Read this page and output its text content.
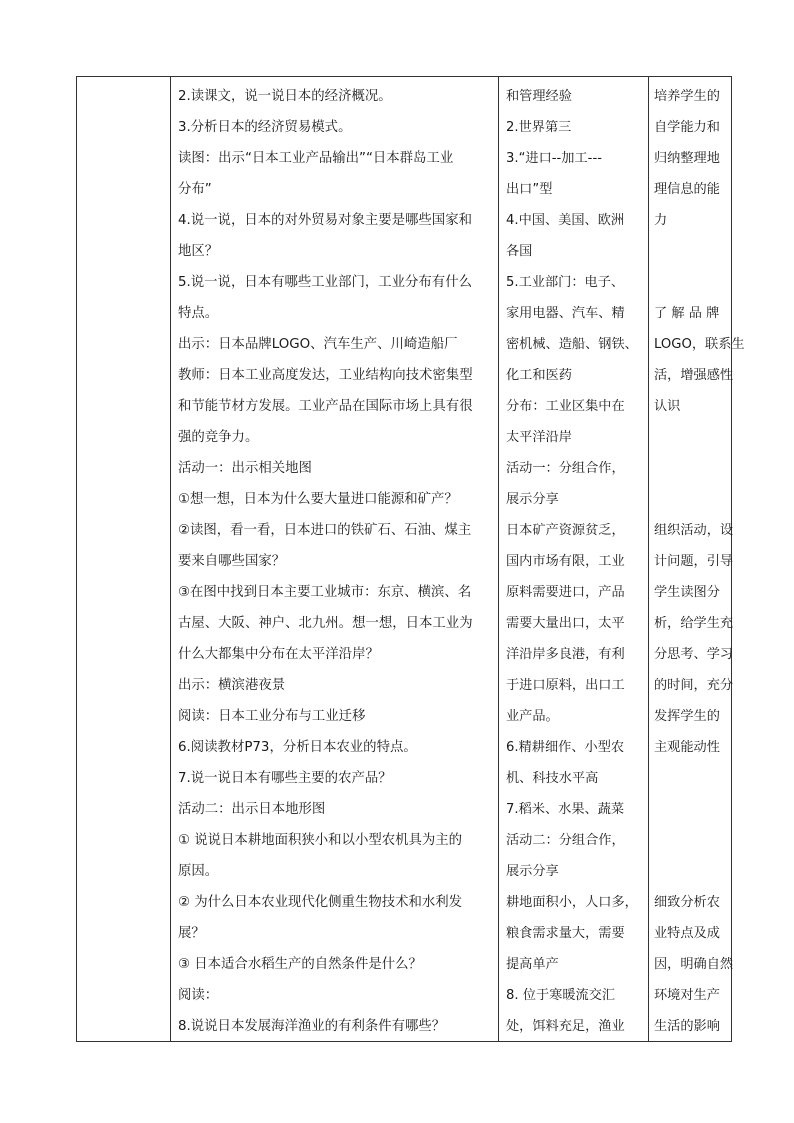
2.读课文，说一说日本的经济概况。
3.分析日本的经济贸易模式。
读图：出示“日本工业产品输出”“日本群岛工业
分布”
4.说一说，日本的对外贸易对象主要是哪些国家和
地区？
5.说一说，日本有哪些工业部门，工业分布有什么
特点。
出示：日本品牌LOGO、汽车生产、川崎造船厂
教师：日本工业高度发达，工业结构向技术密集型
和节能节材方发展。工业产品在国际市场上具有很
强的竞争力。
活动一：出示相关地图
①想一想，日本为什么要大量进口能源和矿产？
②读图，看一看，日本进口的铁矿石、石油、煤主
要来自哪些国家？
③在图中找到日本主要工业城市：东京、横滨、名
古屋、大阪、神户、北九州。想一想，日本工业为
什么大都集中分布在太平洋沿岸？
出示：横滨港夜景
阅读：日本工业分布与工业迁移
6.阅读教材P73，分析日本农业的特点。
7.说一说日本有哪些主要的农产品？
活动二：出示日本地形图
① 说说日本耕地面积狭小和以小型农机具为主的
原因。
② 为什么日本农业现代化侧重生物技术和水利发
展？
③ 日本适合水稻生产的自然条件是什么？
阅读：
8.说说日本发展海洋渔业的有利条件有哪些？
和管理经验
2.世界第三
3.“进口--加工---
出口”型
4.中国、美国、欧洲
各国
5.工业部门：电子、
家用电器、汽车、精
密机械、造船、钢铁、
化工和医药
分布：工业区集中在
太平洋沿岸
活动一：分组合作，
展示分享
日本矿产资源贫乏，
国内市场有限，工业
原料需要进口，产品
需要大量出口，太平
洋沿岸多良港，有利
于进口原料，出口工
业产品。
6.精耕细作、小型农
机、科技水平高
7.稻米、水果、蔬菜
活动二：分组合作，
展示分享
耕地面积小，人口多，
粮食需求量大，需要
提高单产
8. 位于寒暖流交汇
处，饵料充足，渔业
培养学生的
自学能力和
归纳整理地
理信息的能
力
了 解 品 牌
LOGO，联系生
活，增强感性
认识
组织活动，设
计问题，引导
学生读图分
析，给学生充
分思考、学习
的时间，充分
发挥学生的
主观能动性
细致分析农
业特点及成
因，明确自然
环境对生产
生活的影响
